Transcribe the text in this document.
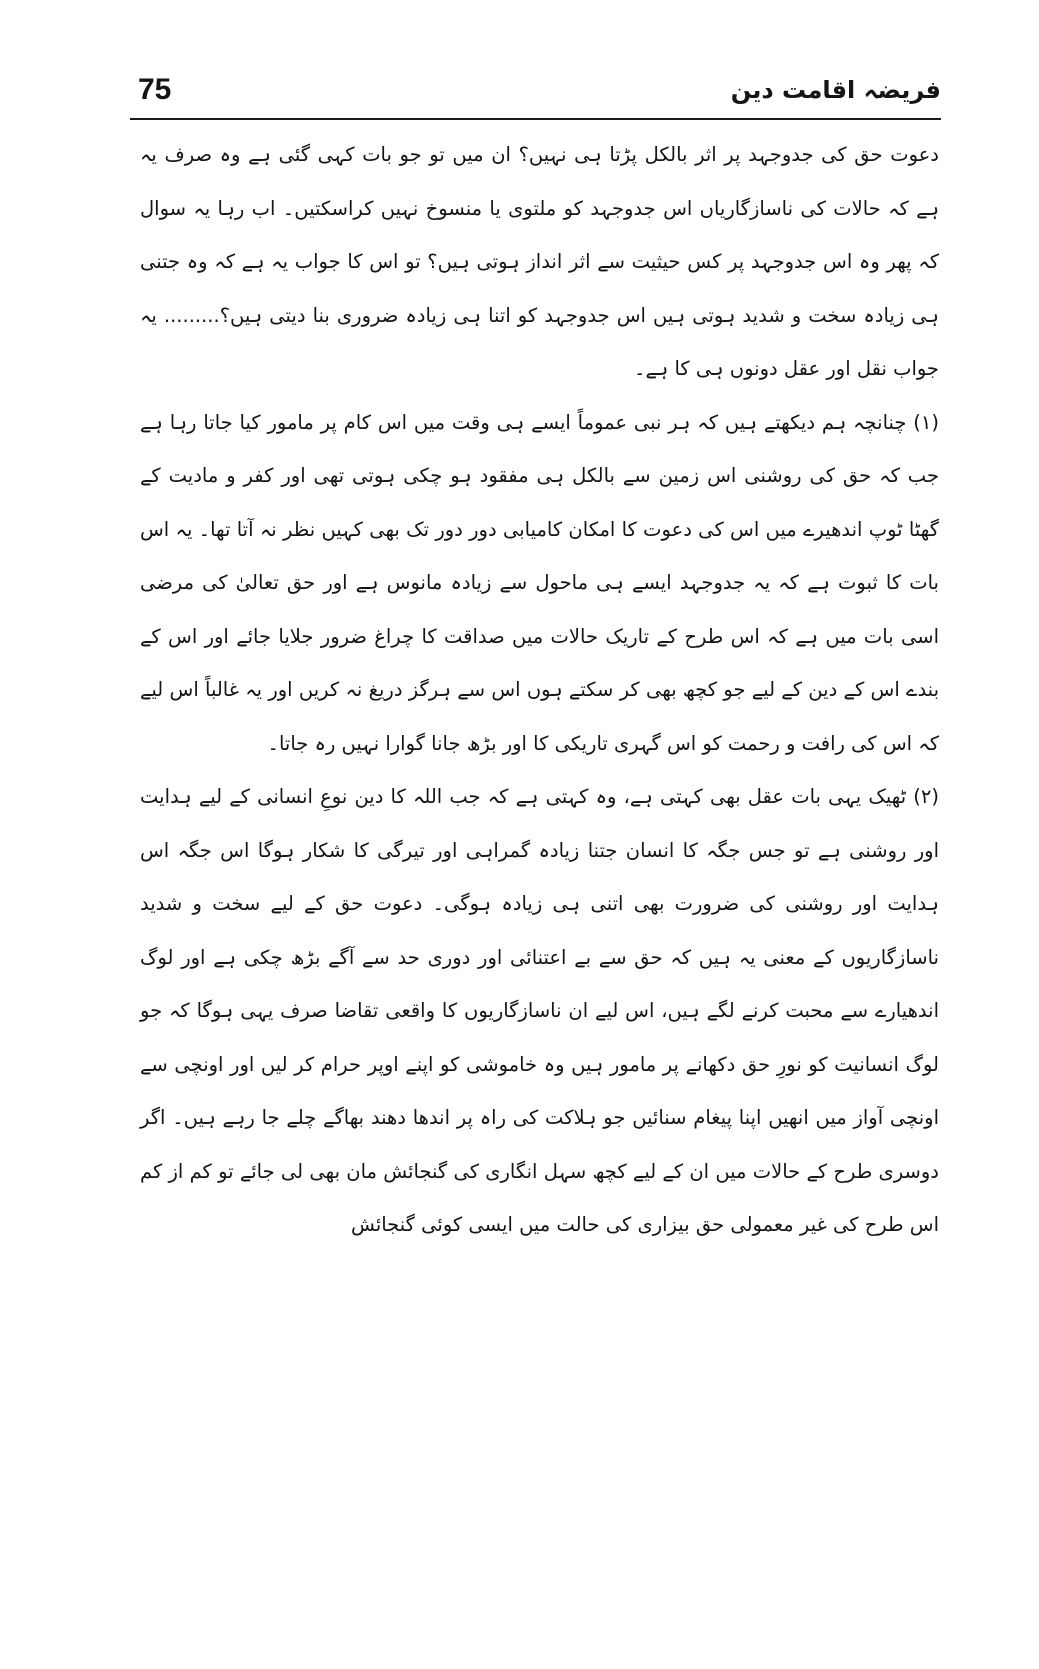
75	فریضہ اقامت دین

دعوت حق کی جدوجہد پر اثر بالکل پڑتا ہی نہیں؟ ان میں تو جو بات کہی گئی ہے وہ صرف یہ ہے کہ حالات کی ناسازگاریاں اس جدوجہد کو ملتوی یا منسوخ نہیں کراسکتیں۔ اب رہا یہ سوال کہ پھر وہ اس جدوجہد پر کس حیثیت سے اثر انداز ہوتی ہیں؟ تو اس کا جواب یہ ہے کہ وہ جتنی ہی زیادہ سخت و شدید ہوتی ہیں اس جدوجہد کو اتنا ہی زیادہ ضروری بنا دیتی ہیں؟......... یہ جواب نقل اور عقل دونوں ہی کا ہے۔

(۱) چنانچہ ہم دیکھتے ہیں کہ ہر نبی عموماً ایسے ہی وقت میں اس کام پر مامور کیا جاتا رہا ہے جب کہ حق کی روشنی اس زمین سے بالکل ہی مفقود ہو چکی ہوتی تھی اور کفر و مادیت کے گھٹا ٹوپ اندھیرے میں اس کی دعوت کا امکان کامیابی دور دور تک بھی کہیں نظر نہ آتا تھا۔ یہ اس بات کا ثبوت ہے کہ یہ جدوجہد ایسے ہی ماحول سے زیادہ مانوس ہے اور حق تعالیٰ کی مرضی اسی بات میں ہے کہ اس طرح کے تاریک حالات میں صداقت کا چراغ ضرور جلایا جائے اور اس کے بندے اس کے دین کے لیے جو کچھ بھی کر سکتے ہوں اس سے ہرگز دریغ نہ کریں اور یہ غالباً اس لیے کہ اس کی رافت و رحمت کو اس گہری تاریکی کا اور بڑھ جانا گوارا نہیں رہ جاتا۔

(۲) ٹھیک یہی بات عقل بھی کہتی ہے، وہ کہتی ہے کہ جب اللہ کا دین نوعِ انسانی کے لیے ہدایت اور روشنی ہے تو جس جگہ کا انسان جتنا زیادہ گمراہی اور تیرگی کا شکار ہوگا اس جگہ اس ہدایت اور روشنی کی ضرورت بھی اتنی ہی زیادہ ہوگی۔ دعوت حق کے لیے سخت و شدید ناسازگاریوں کے معنی یہ ہیں کہ حق سے بے اعتنائی اور دوری حد سے آگے بڑھ چکی ہے اور لوگ اندھیارے سے محبت کرنے لگے ہیں، اس لیے ان ناسازگاریوں کا واقعی تقاضا صرف یہی ہوگا کہ جو لوگ انسانیت کو نورِ حق دکھانے پر مامور ہیں وہ خاموشی کو اپنے اوپر حرام کر لیں اور اونچی سے اونچی آواز میں انھیں اپنا پیغام سنائیں جو ہلاکت کی راہ پر اندھا دھند بھاگے چلے جا رہے ہیں۔ اگر دوسری طرح کے حالات میں ان کے لیے کچھ سہل انگاری کی گنجائش مان بھی لی جائے تو کم از کم اس طرح کی غیر معمولی حق بیزاری کی حالت میں ایسی کوئی گنجائش
